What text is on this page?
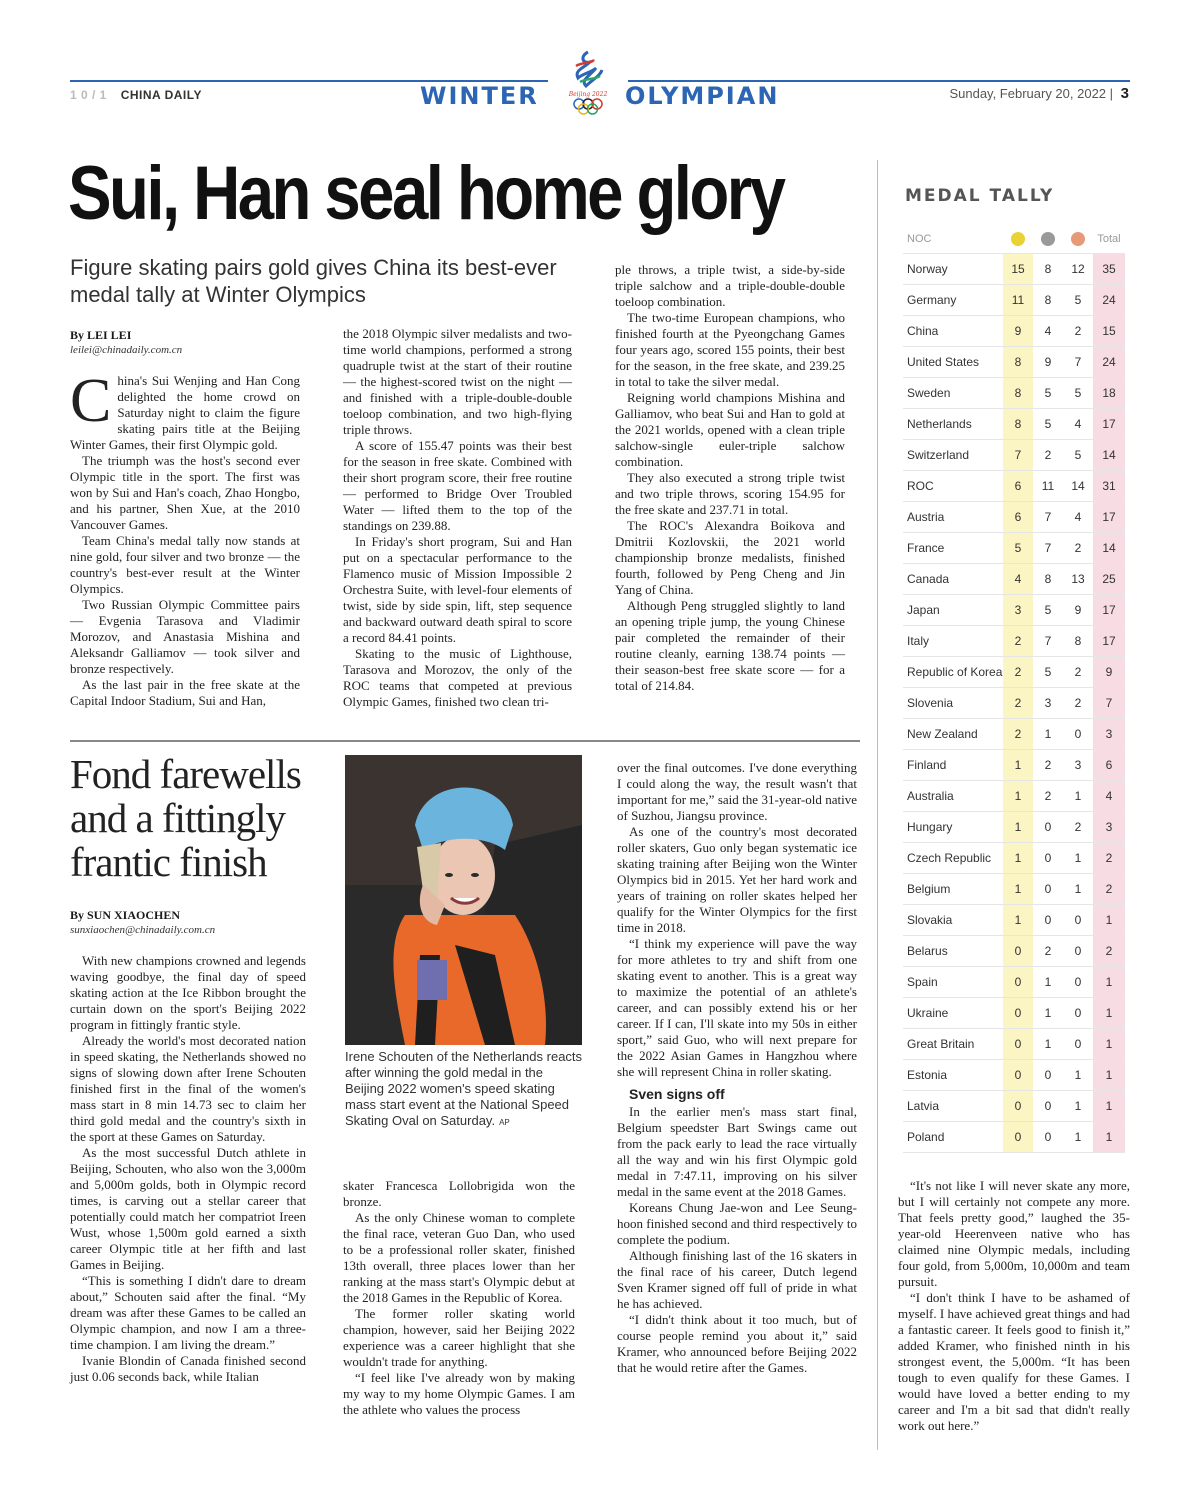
1 0 / 1 CHINA DAILY	WINTER	OLYMPIAN
Beijing 2022	Sunday, February 20, 2022 | 3
Sui, Han seal home glory
Figure skating pairs gold gives China its best-ever medal tally at Winter Olympics
By LEI LEI
leilei@chinadaily.com.cn

China's Sui Wenjing and Han Cong delighted the home crowd on Saturday night to claim the figure skating pairs title at the Beijing Winter Games, their first Olympic gold.

The triumph was the host's second ever Olympic title in the sport. The first was won by Sui and Han's coach, Zhao Hongbo, and his partner, Shen Xue, at the 2010 Vancouver Games.

Team China's medal tally now stands at nine gold, four silver and two bronze — the country's best-ever result at the Winter Olympics.

Two Russian Olympic Committee pairs — Evgenia Tarasova and Vladimir Morozov, and Anastasia Mishina and Aleksandr Galliamov — took silver and bronze respectively.

As the last pair in the free skate at the Capital Indoor Stadium, Sui and Han,

the 2018 Olympic silver medalists and two-time world champions, performed a strong quadruple twist at the start of their routine — the highest-scored twist on the night — and finished with a triple-double-double toeloop combination, and two high-flying triple throws.

A score of 155.47 points was their best for the season in free skate. Combined with their short program score, their free routine — performed to Bridge Over Troubled Water — lifted them to the top of the standings on 239.88.

In Friday's short program, Sui and Han put on a spectacular performance to the Flamenco music of Mission Impossible 2 Orchestra Suite, with level-four elements of twist, side by side spin, lift, step sequence and backward outward death spiral to score a record 84.41 points.

Skating to the music of Lighthouse, Tarasova and Morozov, the only of the ROC teams that competed at previous Olympic Games, finished two clean tri-

ple throws, a triple twist, a side-by-side triple salchow and a triple-double-double toeloop combination.

The two-time European champions, who finished fourth at the Pyeongchang Games four years ago, scored 155 points, their best for the season, in the free skate, and 239.25 in total to take the silver medal.

Reigning world champions Mishina and Galliamov, who beat Sui and Han to gold at the 2021 worlds, opened with a clean triple salchow-single euler-triple salchow combination.

They also executed a strong triple twist and two triple throws, scoring 154.95 for the free skate and 237.71 in total.

The ROC's Alexandra Boikova and Dmitrii Kozlovskii, the 2021 world championship bronze medalists, finished fourth, followed by Peng Cheng and Jin Yang of China.

Although Peng struggled slightly to land an opening triple jump, the young Chinese pair completed the remainder of their routine cleanly, earning 138.74 points — their season-best free skate score — for a total of 214.84.

Fond farewells and a fittingly frantic finish
By SUN XIAOCHEN
sunxiaochen@chinadaily.com.cn

With new champions crowned and legends waving goodbye, the final day of speed skating action at the Ice Ribbon brought the curtain down on the sport's Beijing 2022 program in fittingly frantic style.

Already the world's most decorated nation in speed skating, the Netherlands showed no signs of slowing down after Irene Schouten finished first in the final of the women's mass start in 8 min 14.73 sec to claim her third gold medal and the country's sixth in the sport at these Games on Saturday.

As the most successful Dutch athlete in Beijing, Schouten, who also won the 3,000m and 5,000m golds, both in Olympic record times, is carving out a stellar career that potentially could match her compatriot Ireen Wust, whose 1,500m gold earned a sixth career Olympic title at her fifth and last Games in Beijing.

“This is something I didn't dare to dream about,” Schouten said after the final. “My dream was after these Games to be called an Olympic champion, and now I am a three-time champion. I am living the dream.”

Ivanie Blondin of Canada finished second just 0.06 seconds back, while Italian

Irene Schouten of the Netherlands reacts after winning the gold medal in the Beijing 2022 women's speed skating mass start event at the National Speed Skating Oval on Saturday. AP

skater Francesca Lollobrigida won the bronze.

As the only Chinese woman to complete the final race, veteran Guo Dan, who used to be a professional roller skater, finished 13th overall, three places lower than her ranking at the mass start's Olympic debut at the 2018 Games in the Republic of Korea.

The former roller skating world champion, however, said her Beijing 2022 experience was a career highlight that she wouldn't trade for anything.

“I feel like I've already won by making my way to my home Olympic Games. I am the athlete who values the process

over the final outcomes. I've done everything I could along the way, the result wasn't that important for me,” said the 31-year-old native of Suzhou, Jiangsu province.

As one of the country's most decorated roller skaters, Guo only began systematic ice skating training after Beijing won the Winter Olympics bid in 2015. Yet her hard work and years of training on roller skates helped her qualify for the Winter Olympics for the first time in 2018.

“I think my experience will pave the way for more athletes to try and shift from one skating event to another. This is a great way to maximize the potential of an athlete's career, and can possibly extend his or her career. If I can, I'll skate into my 50s in either sport,” said Guo, who will next prepare for the 2022 Asian Games in Hangzhou where she will represent China in roller skating.

Sven signs off

In the earlier men's mass start final, Belgium speedster Bart Swings came out from the pack early to lead the race virtually all the way and win his first Olympic gold medal in 7:47.11, improving on his silver medal in the same event at the 2018 Games.

Koreans Chung Jae-won and Lee Seung-hoon finished second and third respectively to complete the podium.

Although finishing last of the 16 skaters in the final race of his career, Dutch legend Sven Kramer signed off full of pride in what he has achieved.

“I didn't think about it too much, but of course people remind you about it,” said Kramer, who announced before Beijing 2022 that he would retire after the Games.

“It's not like I will never skate any more, but I will certainly not compete any more. That feels pretty good,” laughed the 35-year-old Heerenveen native who has claimed nine Olympic medals, including four gold, from 5,000m, 10,000m and team pursuit.

“I don't think I have to be ashamed of myself. I have achieved great things and had a fantastic career. It feels good to finish it,” added Kramer, who finished ninth in his strongest event, the 5,000m. “It has been tough to even qualify for these Games. I would have loved a better ending to my career and I'm a bit sad that didn't really work out here.”

MEDAL TALLY
NOC	Total
Norway	15	8	12	35
Germany	11	8	5	24
China	9	4	2	15
United States	8	9	7	24
Sweden	8	5	5	18
Netherlands	8	5	4	17
Switzerland	7	2	5	14
ROC	6	11	14	31
Austria	6	7	4	17
France	5	7	2	14
Canada	4	8	13	25
Japan	3	5	9	17
Italy	2	7	8	17
Republic of Korea	2	5	2	9
Slovenia	2	3	2	7
New Zealand	2	1	0	3
Finland	1	2	3	6
Australia	1	2	1	4
Hungary	1	0	2	3
Czech Republic	1	0	1	2
Belgium	1	0	1	2
Slovakia	1	0	0	1
Belarus	0	2	0	2
Spain	0	1	0	1
Ukraine	0	1	0	1
Great Britain	0	1	0	1
Estonia	0	0	1	1
Latvia	0	0	1	1
Poland	0	0	1	1
